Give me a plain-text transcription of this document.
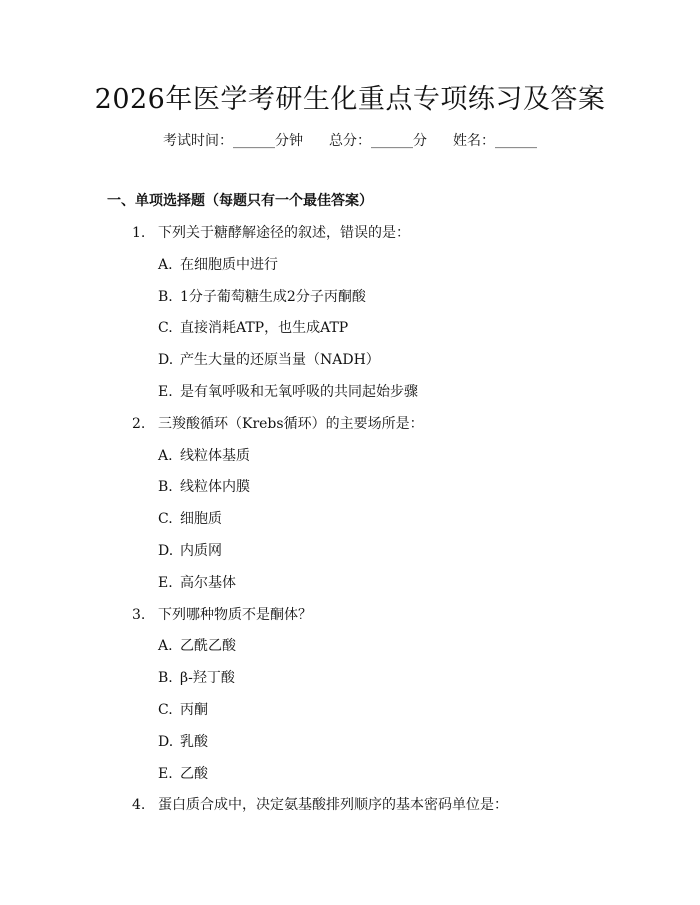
2026年医学考研生化重点专项练习及答案
考试时间：______分钟 总分：______分 姓名：______
一、单项选择题（每题只有一个最佳答案）
1. 下列关于糖酵解途径的叙述，错误的是：
A. 在细胞质中进行
B. 1分子葡萄糖生成2分子丙酮酸
C. 直接消耗ATP，也生成ATP
D. 产生大量的还原当量（NADH）
E. 是有氧呼吸和无氧呼吸的共同起始步骤
2. 三羧酸循环（Krebs循环）的主要场所是：
A. 线粒体基质
B. 线粒体内膜
C. 细胞质
D. 内质网
E. 高尔基体
3. 下列哪种物质不是酮体？
A. 乙酰乙酸
B. β-羟丁酸
C. 丙酮
D. 乳酸
E. 乙酸
4. 蛋白质合成中，决定氨基酸排列顺序的基本密码单位是：
